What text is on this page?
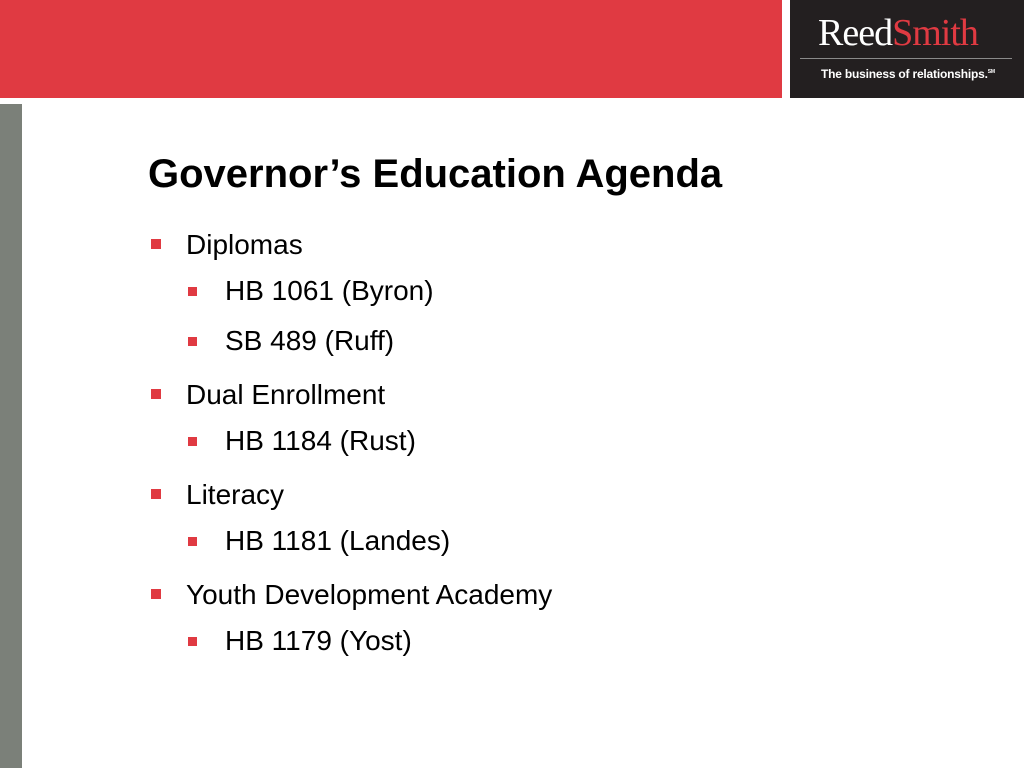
ReedSmith
The business of relationships.℠
Governor’s Education Agenda
Diplomas
HB 1061 (Byron)
SB 489 (Ruff)
Dual Enrollment
HB 1184 (Rust)
Literacy
HB 1181 (Landes)
Youth Development Academy
HB 1179 (Yost)
